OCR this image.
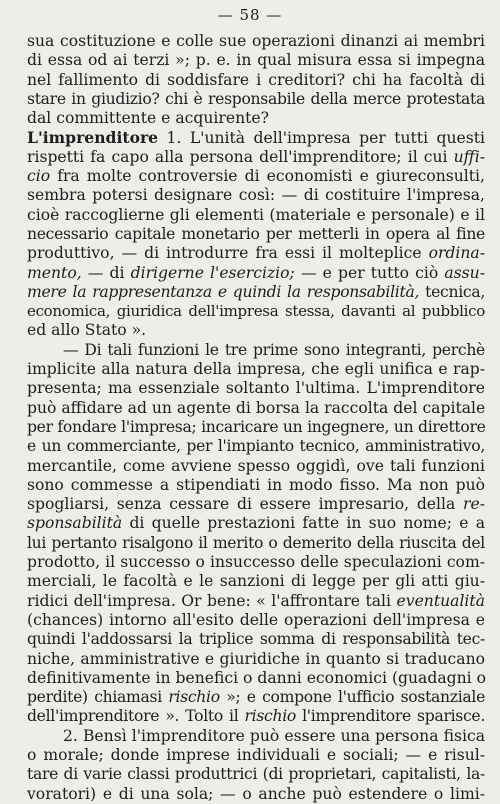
— 58 —
sua costituzione e colle sue operazioni dinanzi ai membri
di essa od ai terzi »; p. e. in qual misura essa si impegna
nel fallimento di soddisfare i creditori? chi ha facoltà di
stare in giudizio? chi è responsabile della merce protestata
dal committente e acquirente?
L'imprenditore 1. L'unità dell'impresa per tutti questi
rispetti fa capo alla persona dell'imprenditore; il cui uffi-
cio fra molte controversie di economisti e giureconsulti,
sembra potersi designare così: — di costituire l'impresa,
cioè raccoglierne gli elementi (materiale e personale) e il
necessario capitale monetario per metterli in opera al fine
produttivo, — di introdurre fra essi il molteplice ordina-
mento, — di dirigerne l'esercizio; — e per tutto ciò assu-
mere la rappresentanza e quindi la responsabilità, tecnica,
economica, giuridica dell'impresa stessa, davanti al pubblico
ed allo Stato ».
— Di tali funzioni le tre prime sono integranti, perchè
implicite alla natura della impresa, che egli unifica e rap-
presenta; ma essenziale soltanto l'ultima. L'imprenditore
può affidare ad un agente di borsa la raccolta del capitale
per fondare l'impresa; incaricare un ingegnere, un direttore
e un commerciante, per l'impianto tecnico, amministrativo,
mercantile, come avviene spesso oggidì, ove tali funzioni
sono commesse a stipendiati in modo fisso. Ma non può
spogliarsi, senza cessare di essere impresario, della re-
sponsabilità di quelle prestazioni fatte in suo nome; e a
lui pertanto risalgono il merito o demerito della riuscita del
prodotto, il successo o insuccesso delle speculazioni com-
merciali, le facoltà e le sanzioni di legge per gli atti giu-
ridici dell'impresa. Or bene: « l'affrontare tali eventualità
(chances) intorno all'esito delle operazioni dell'impresa e
quindi l'addossarsi la triplice somma di responsabilità tec-
niche, amministrative e giuridiche in quanto si traducano
definitivamente in benefici o danni economici (guadagni o
perdite) chiamasi rischio »; e compone l'ufficio sostanziale
dell'imprenditore ». Tolto il rischio l'imprenditore sparisce.
2. Bensì l'imprenditore può essere una persona fisica
o morale; donde imprese individuali e sociali; — e risul-
tare di varie classi produttrici (di proprietari, capitalisti, la-
voratori) e di una sola; — o anche può estendere o limi-
